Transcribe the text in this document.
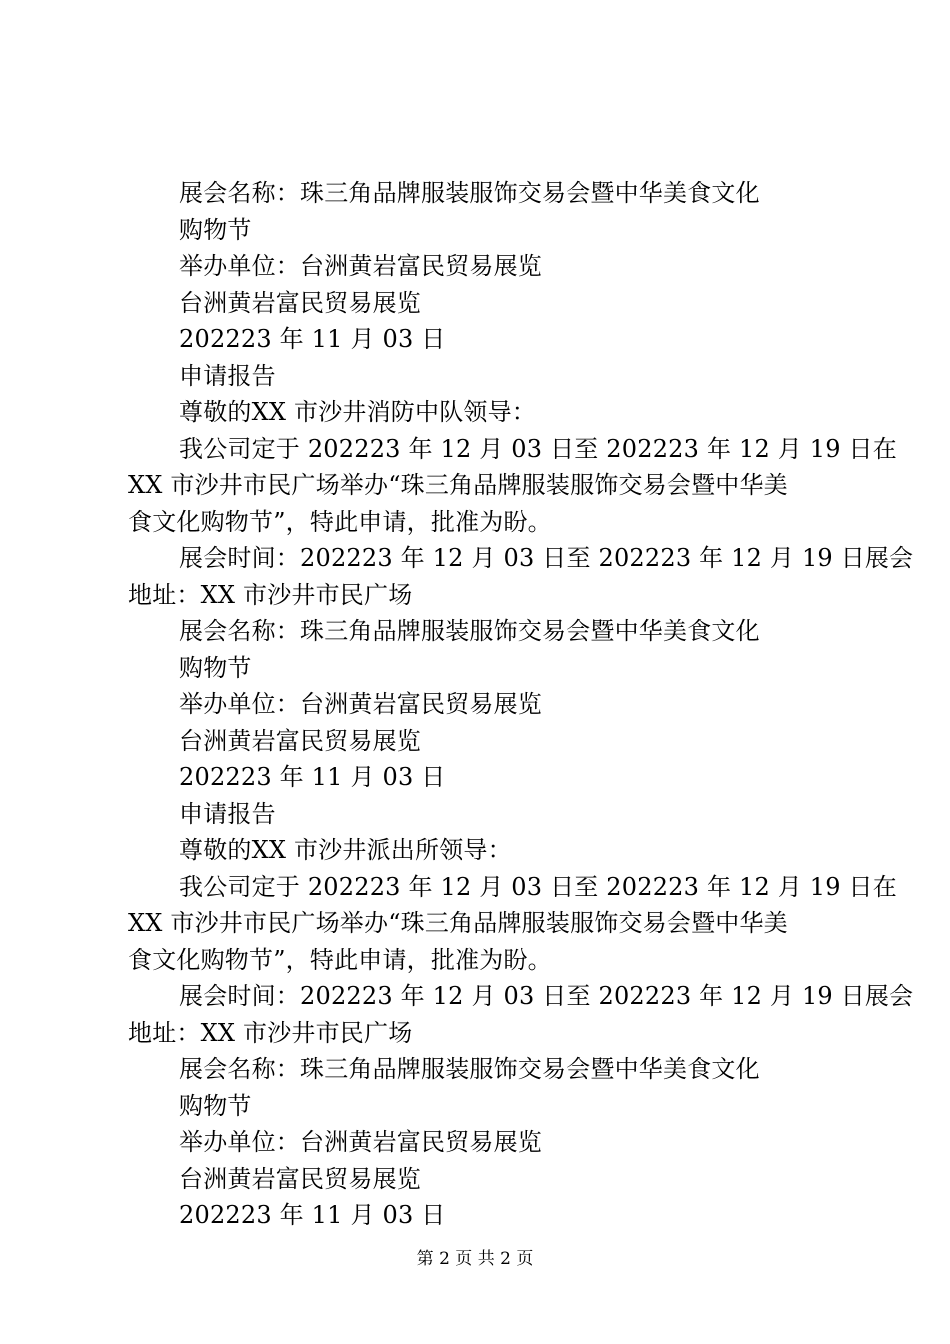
展会名称：珠三角品牌服装服饰交易会暨中华美食文化
购物节
举办单位：台洲黄岩富民贸易展览
台洲黄岩富民贸易展览
202223 年 11 月 03 日
申请报告
尊敬的XX 市沙井消防中队领导：
我公司定于 202223 年 12 月 03 日至 202223 年 12 月 19 日在
XX 市沙井市民广场举办“珠三角品牌服装服饰交易会暨中华美
食文化购物节”，特此申请，批准为盼。
展会时间：202223 年 12 月 03 日至 202223 年 12 月 19 日展会
地址：XX 市沙井市民广场
展会名称：珠三角品牌服装服饰交易会暨中华美食文化
购物节
举办单位：台洲黄岩富民贸易展览
台洲黄岩富民贸易展览
202223 年 11 月 03 日
申请报告
尊敬的XX 市沙井派出所领导：
我公司定于 202223 年 12 月 03 日至 202223 年 12 月 19 日在
XX 市沙井市民广场举办“珠三角品牌服装服饰交易会暨中华美
食文化购物节”，特此申请，批准为盼。
展会时间：202223 年 12 月 03 日至 202223 年 12 月 19 日展会
地址：XX 市沙井市民广场
展会名称：珠三角品牌服装服饰交易会暨中华美食文化
购物节
举办单位：台洲黄岩富民贸易展览
台洲黄岩富民贸易展览
202223 年 11 月 03 日
第 2 页 共 2 页
